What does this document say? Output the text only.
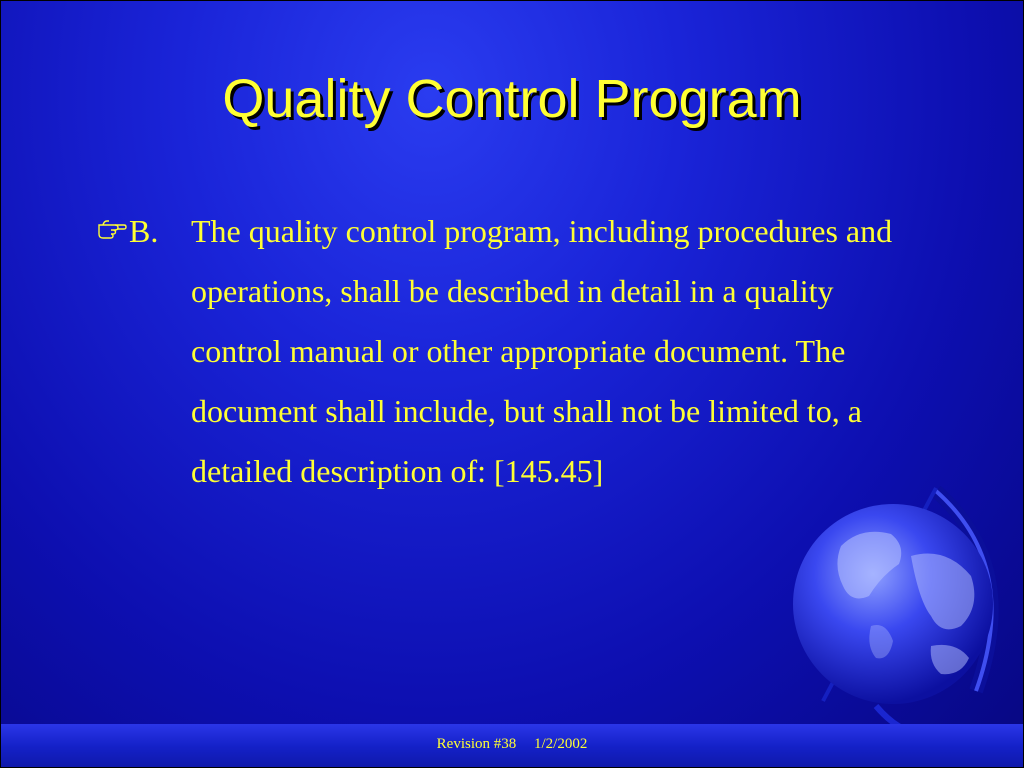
Quality Control Program
B. The quality control program, including procedures and operations, shall be described in detail in a quality control manual or other appropriate document. The document shall include, but shall not be limited to, a detailed description of: [145.45]
Revision #38 1/2/2002
